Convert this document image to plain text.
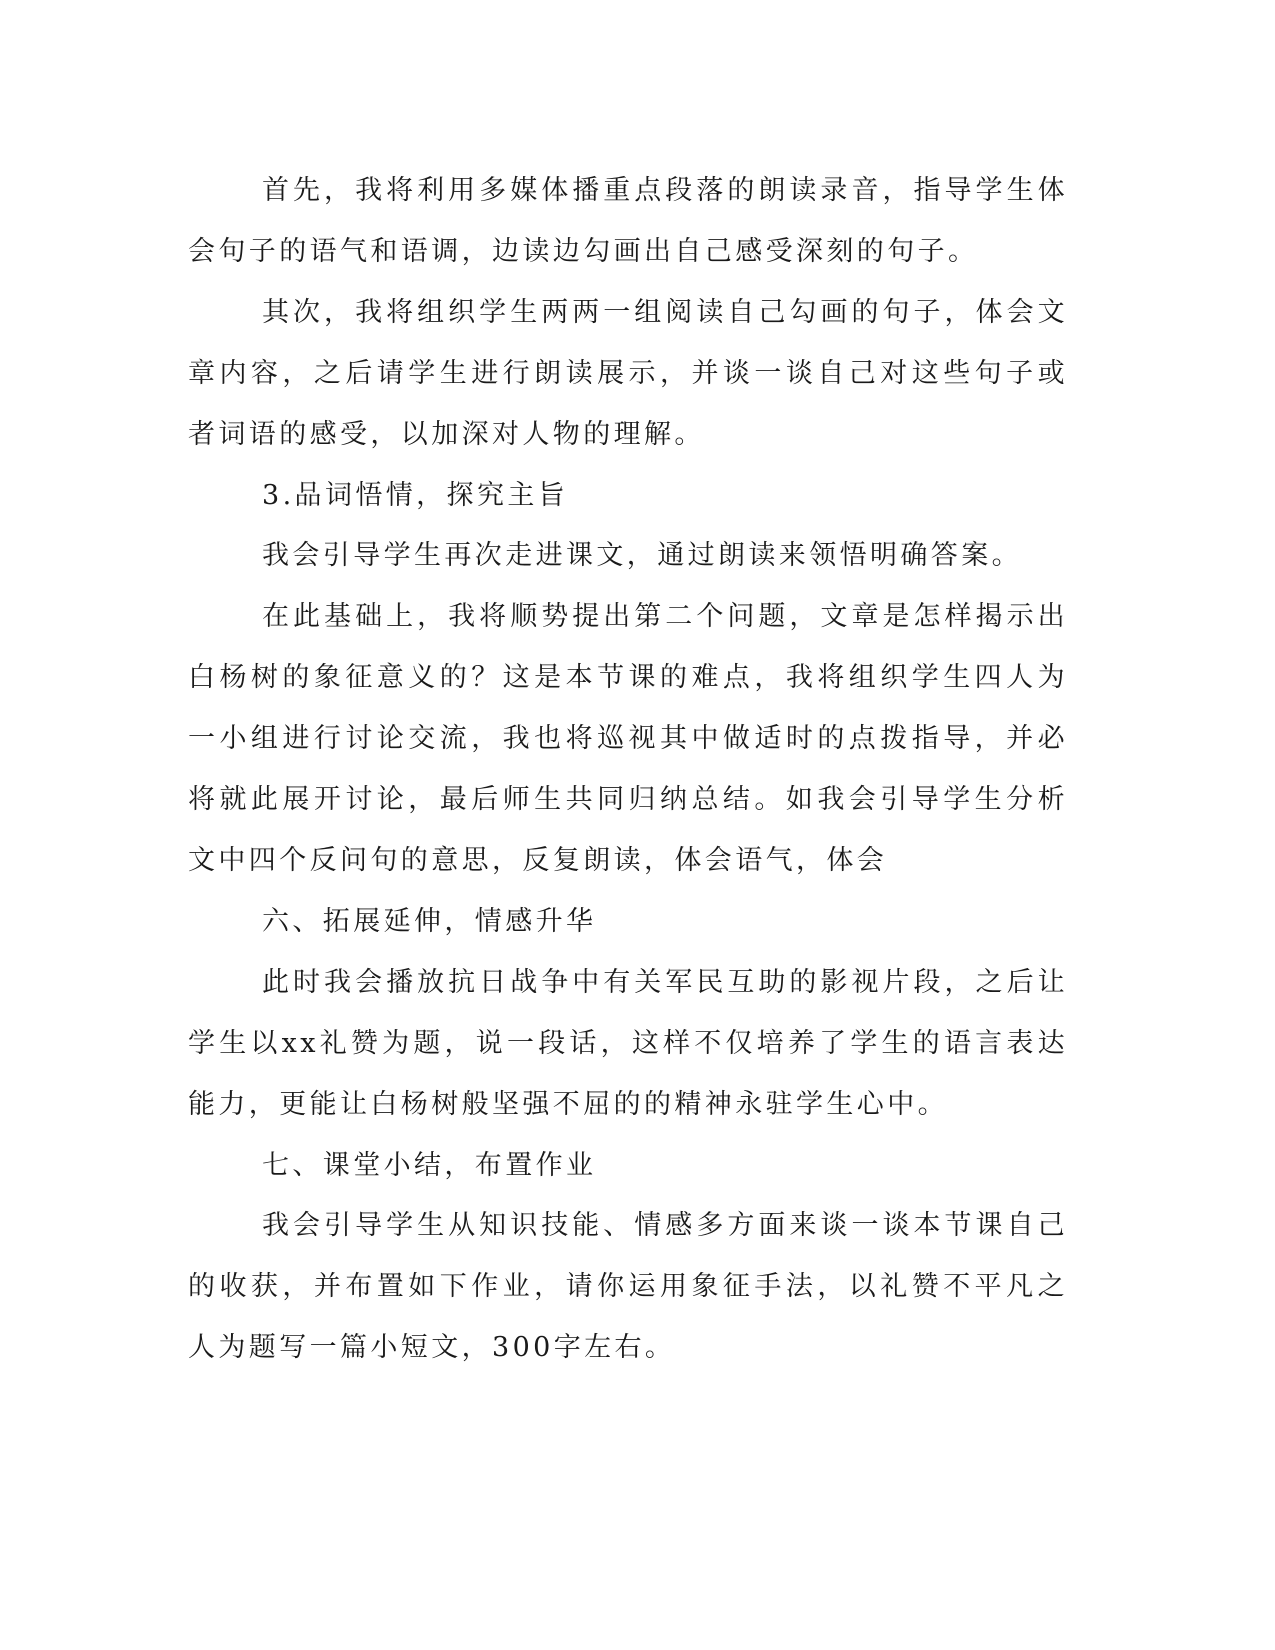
首先，我将利用多媒体播重点段落的朗读录音，指导学生体会句子的语气和语调，边读边勾画出自己感受深刻的句子。

其次，我将组织学生两两一组阅读自己勾画的句子，体会文章内容，之后请学生进行朗读展示，并谈一谈自己对这些句子或者词语的感受，以加深对人物的理解。

3.品词悟情，探究主旨

我会引导学生再次走进课文，通过朗读来领悟明确答案。

在此基础上，我将顺势提出第二个问题，文章是怎样揭示出白杨树的象征意义的？这是本节课的难点，我将组织学生四人为一小组进行讨论交流，我也将巡视其中做适时的点拨指导，并必将就此展开讨论，最后师生共同归纳总结。如我会引导学生分析文中四个反问句的意思，反复朗读，体会语气，体会

六、拓展延伸，情感升华

此时我会播放抗日战争中有关军民互助的影视片段，之后让学生以xx礼赞为题，说一段话，这样不仅培养了学生的语言表达能力，更能让白杨树般坚强不屈的的精神永驻学生心中。

七、课堂小结，布置作业

我会引导学生从知识技能、情感多方面来谈一谈本节课自己的收获，并布置如下作业，请你运用象征手法，以礼赞不平凡之人为题写一篇小短文，300字左右。
